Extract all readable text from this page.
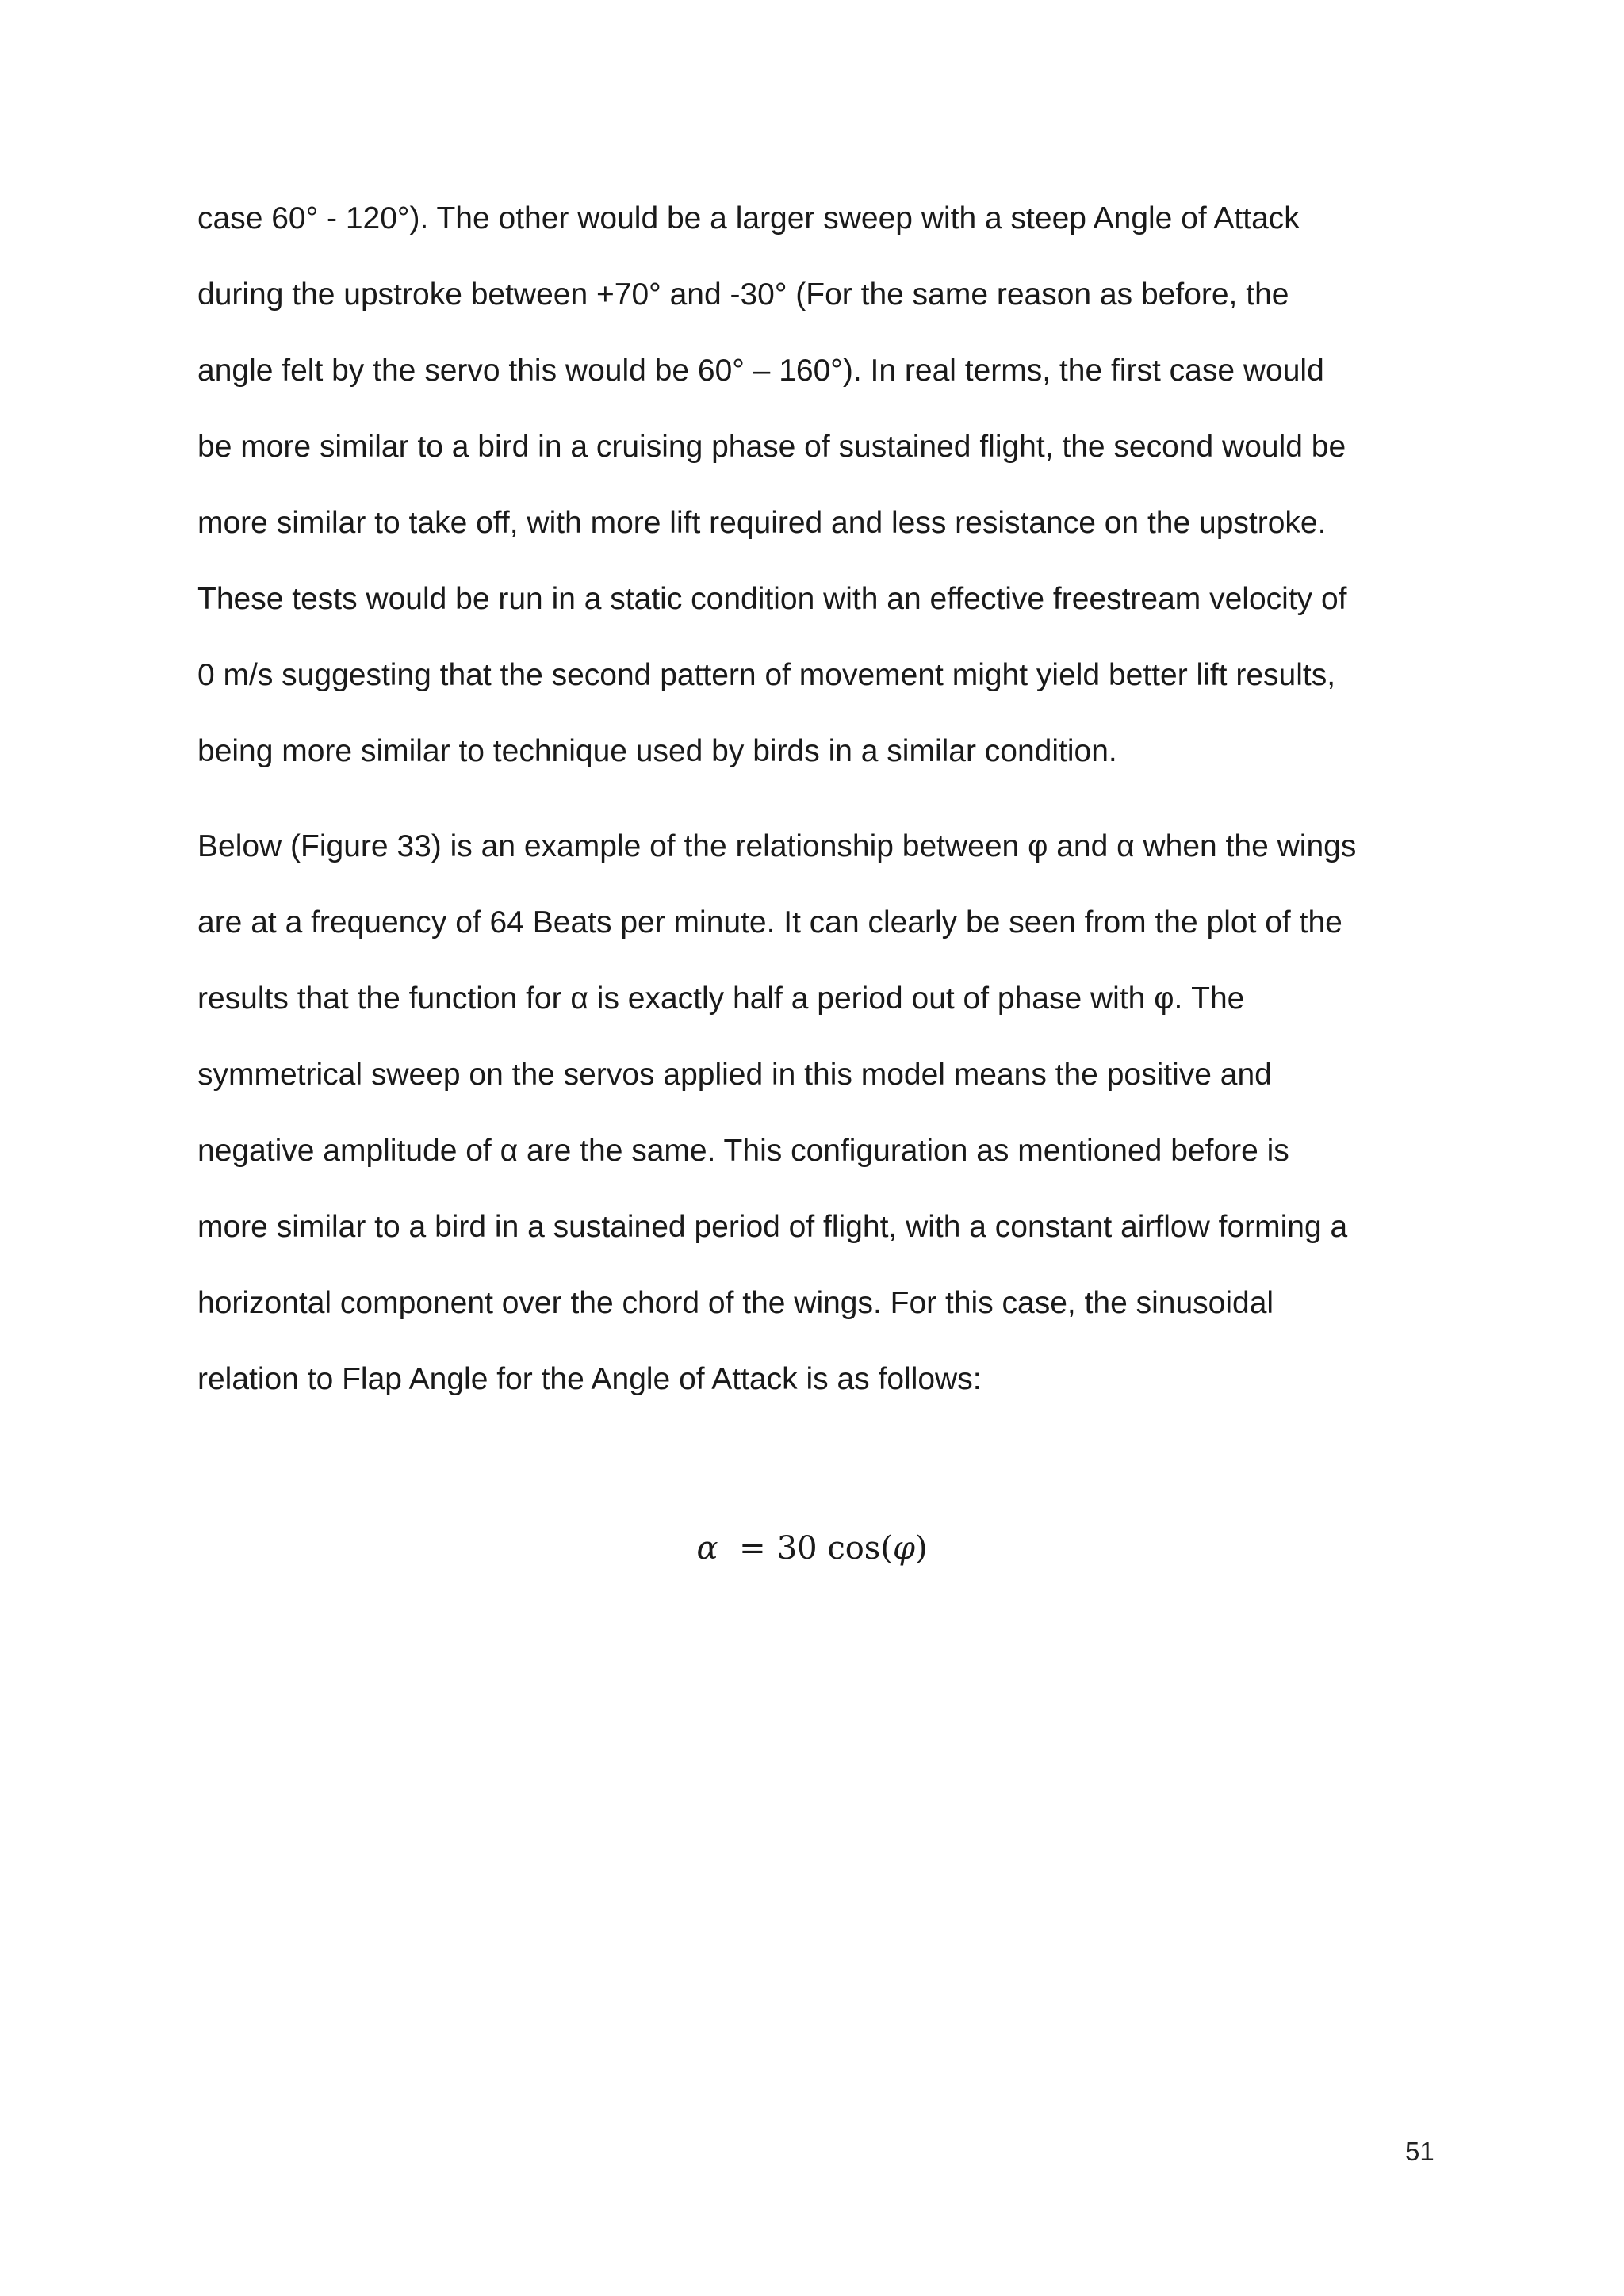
case 60° - 120°). The other would be a larger sweep with a steep Angle of Attack
during the upstroke between +70° and -30° (For the same reason as before, the
angle felt by the servo this would be 60° – 160°). In real terms, the first case would
be more similar to a bird in a cruising phase of sustained flight, the second would be
more similar to take off, with more lift required and less resistance on the upstroke.
These tests would be run in a static condition with an effective freestream velocity of
0 m/s suggesting that the second pattern of movement might yield better lift results,
being more similar to technique used by birds in a similar condition.
Below (Figure 33) is an example of the relationship between φ and α when the wings
are at a frequency of 64 Beats per minute. It can clearly be seen from the plot of the
results that the function for α is exactly half a period out of phase with φ. The
symmetrical sweep on the servos applied in this model means the positive and
negative amplitude of α are the same. This configuration as mentioned before is
more similar to a bird in a sustained period of flight, with a constant airflow forming a
horizontal component over the chord of the wings. For this case, the sinusoidal
relation to Flap Angle for the Angle of Attack is as follows:
α = 30 cos(φ)
51
